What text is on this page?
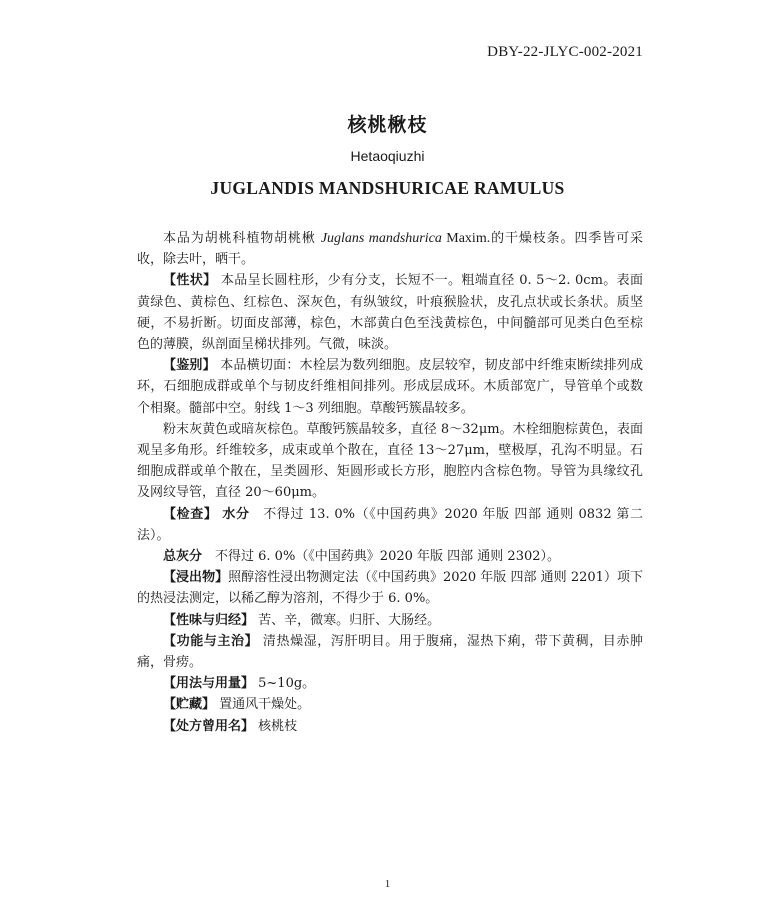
DBY-22-JLYC-002-2021
核桃楸枝
Hetaoqiuzhi
JUGLANDIS MANDSHURICAE RAMULUS

本品为胡桃科植物胡桃楸 Juglans mandshurica Maxim.的干燥枝条。四季皆可采收，除去叶，晒干。

【性状】 本品呈长圆柱形，少有分支，长短不一。粗端直径 0. 5～2. 0cm。表面黄绿色、黄棕色、红棕色、深灰色，有纵皱纹，叶痕猴脸状，皮孔点状或长条状。质坚硬，不易折断。切面皮部薄，棕色，木部黄白色至浅黄棕色，中间髓部可见类白色至棕色的薄膜，纵剖面呈梯状排列。气微，味淡。

【鉴别】 本品横切面：木栓层为数列细胞。皮层较窄，韧皮部中纤维束断续排列成环，石细胞成群或单个与韧皮纤维相间排列。形成层成环。木质部宽广，导管单个或数个相聚。髓部中空。射线 1～3 列细胞。草酸钙簇晶较多。

粉末灰黄色或暗灰棕色。草酸钙簇晶较多，直径 8～32μm。木栓细胞棕黄色，表面观呈多角形。纤维较多，成束或单个散在，直径 13～27μm，壁极厚，孔沟不明显。石细胞成群或单个散在，呈类圆形、矩圆形或长方形，胞腔内含棕色物。导管为具缘纹孔及网纹导管，直径 20～60μm。

【检查】 水分　不得过 13. 0%（《中国药典》2020 年版 四部 通则 0832 第二法）。

总灰分　不得过 6. 0%（《中国药典》2020 年版 四部 通则 2302）。

【浸出物】照醇溶性浸出物测定法（《中国药典》2020 年版 四部 通则 2201）项下的热浸法测定，以稀乙醇为溶剂，不得少于 6. 0%。

【性味与归经】 苦、辛，微寒。归肝、大肠经。

【功能与主治】 清热燥湿，泻肝明目。用于腹痛，湿热下痢，带下黄稠，目赤肿痛，骨痨。

【用法与用量】 5~10g。

【贮藏】 置通风干燥处。

【处方曾用名】 核桃枝

1
